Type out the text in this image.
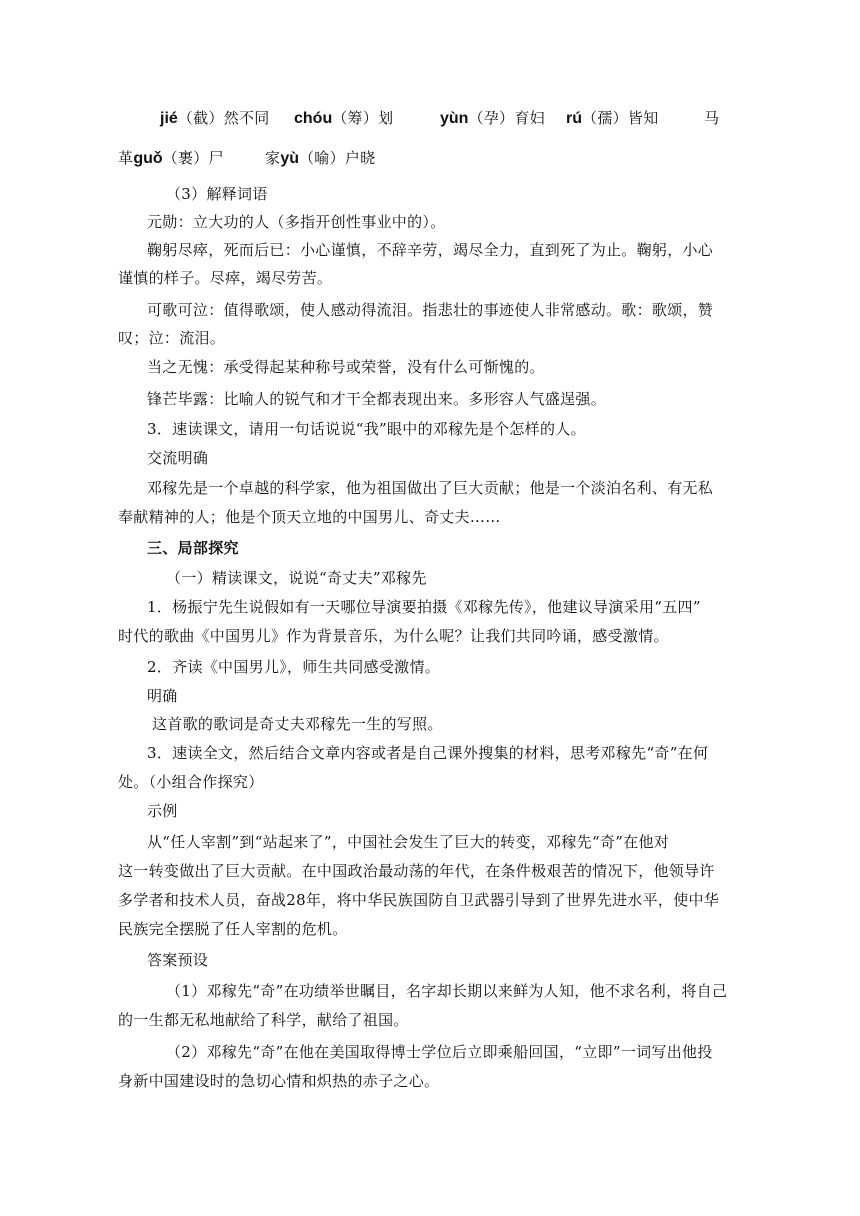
jié（截）然不同 chóu（筹）划	yùn（孕）育妇 rú（孺）皆知	马
革guǒ（裹）尸	家yù（喻）户晓
（3）解释词语
元勋：立大功的人（多指开创性事业中的）。
鞠躬尽瘁，死而后已：小心谨慎，不辞辛劳，竭尽全力，直到死了为止。鞠躬，小心
谨慎的样子。尽瘁，竭尽劳苦。
可歌可泣：值得歌颂，使人感动得流泪。指悲壮的事迹使人非常感动。歌：歌颂，赞
叹；泣：流泪。
当之无愧：承受得起某种称号或荣誉，没有什么可惭愧的。
锋芒毕露：比喻人的锐气和才干全都表现出来。多形容人气盛逞强。
3．速读课文，请用一句话说说“我”眼中的邓稼先是个怎样的人。
交流明确
邓稼先是一个卓越的科学家，他为祖国做出了巨大贡献；他是一个淡泊名利、有无私
奉献精神的人；他是个顶天立地的中国男儿、奇丈夫……
三、局部探究
（一）精读课文，说说“奇丈夫”邓稼先
1．杨振宁先生说假如有一天哪位导演要拍摄《邓稼先传》，他建议导演采用“五四”
时代的歌曲《中国男儿》作为背景音乐，为什么呢？让我们共同吟诵，感受激情。
2．齐读《中国男儿》，师生共同感受激情。
明确
这首歌的歌词是奇丈夫邓稼先一生的写照。
3．速读全文，然后结合文章内容或者是自己课外搜集的材料，思考邓稼先“奇”在何
处。（小组合作探究）
示例
从“任人宰割”到“站起来了”，中国社会发生了巨大的转变，邓稼先“奇”在他对
这一转变做出了巨大贡献。在中国政治最动荡的年代，在条件极艰苦的情况下，他领导许
多学者和技术人员，奋战28年，将中华民族国防自卫武器引导到了世界先进水平，使中华
民族完全摆脱了任人宰割的危机。
答案预设
（1）邓稼先“奇”在功绩举世瞩目，名字却长期以来鲜为人知，他不求名利，将自己
的一生都无私地献给了科学，献给了祖国。
（2）邓稼先“奇”在他在美国取得博士学位后立即乘船回国，“立即”一词写出他投
身新中国建设时的急切心情和炽热的赤子之心。
